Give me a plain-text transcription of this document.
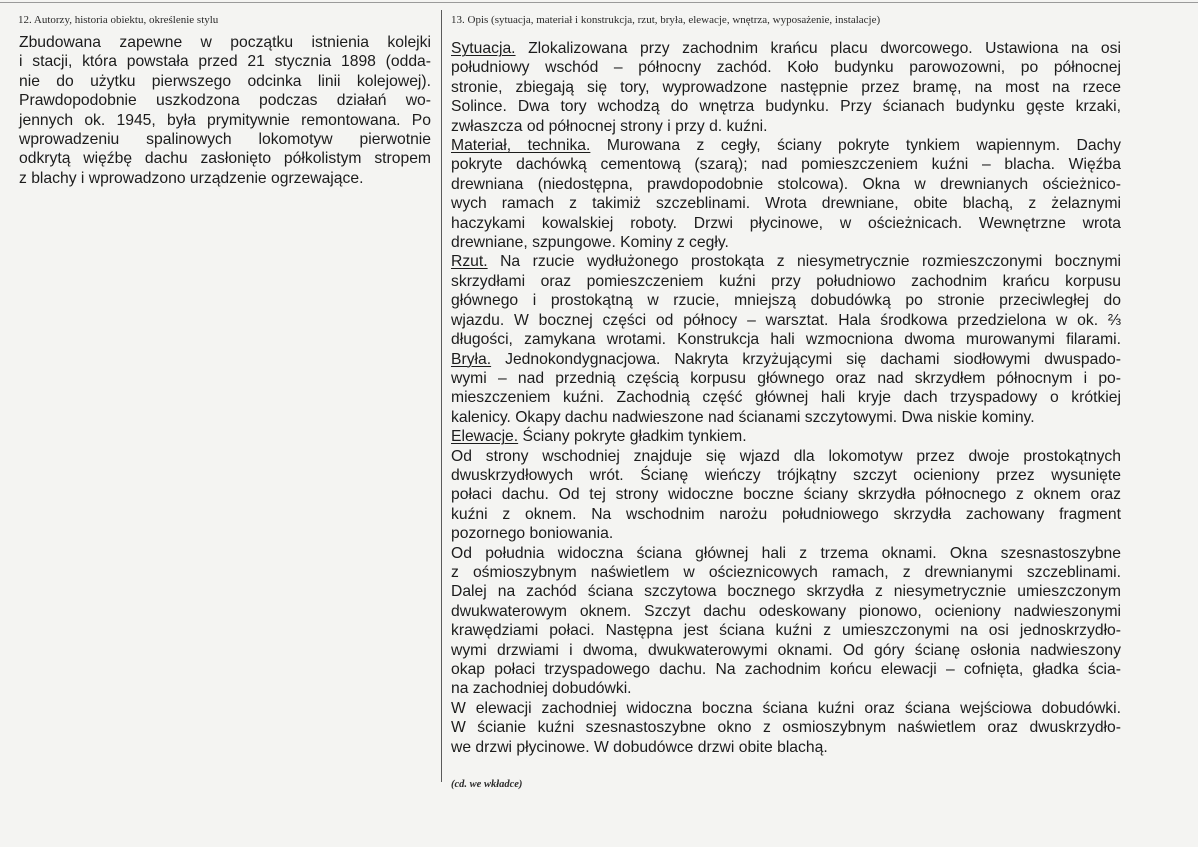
12. Autorzy, historia obiektu, określenie stylu
Zbudowana zapewne w początku istnienia kolejki
i stacji, która powstała przed 21 stycznia 1898 (odda-
nie do użytku pierwszego odcinka linii kolejowej).
Prawdopodobnie uszkodzona podczas działań wo-
jennych ok. 1945, była prymitywnie remontowana. Po
wprowadzeniu spalinowych lokomotyw pierwotnie
odkrytą więźbę dachu zasłonięto półkolistym stropem
z blachy i wprowadzono urządzenie ogrzewające.
13. Opis (sytuacja, materiał i konstrukcja, rzut, bryła, elewacje, wnętrza, wyposażenie, instalacje)
Sytuacja. Zlokalizowana przy zachodnim krańcu placu dworcowego. Ustawiona na osi
południowy wschód – północny zachód. Koło budynku parowozowni, po północnej
stronie, zbiegają się tory, wyprowadzone następnie przez bramę, na most na rzece
Solince. Dwa tory wchodzą do wnętrza budynku. Przy ścianach budynku gęste krzaki,
zwłaszcza od północnej strony i przy d. kuźni.
Materiał, technika. Murowana z cegły, ściany pokryte tynkiem wapiennym. Dachy
pokryte dachówką cementową (szarą); nad pomieszczeniem kuźni – blacha. Więźba
drewniana (niedostępna, prawdopodobnie stolcowa). Okna w drewnianych ościeżnico-
wych ramach z takimiż szczeblinami. Wrota drewniane, obite blachą, z żelaznymi
haczykami kowalskiej roboty. Drzwi płycinowe, w ościeżnicach. Wewnętrzne wrota
drewniane, szpungowe. Kominy z cegły.
Rzut. Na rzucie wydłużonego prostokąta z niesymetrycznie rozmieszczonymi bocznymi
skrzydłami oraz pomieszczeniem kuźni przy południowo zachodnim krańcu korpusu
głównego i prostokątną w rzucie, mniejszą dobudówką po stronie przeciwległej do
wjazdu. W bocznej części od północy – warsztat. Hala środkowa przedzielona w ok. ⅔
długości, zamykana wrotami. Konstrukcja hali wzmocniona dwoma murowanymi filarami.
Bryła. Jednokondygnacjowa. Nakryta krzyżującymi się dachami siodłowymi dwuspado-
wymi – nad przednią częścią korpusu głównego oraz nad skrzydłem północnym i po-
mieszczeniem kuźni. Zachodnią część głównej hali kryje dach trzyspadowy o krótkiej
kalenicy. Okapy dachu nadwieszone nad ścianami szczytowymi. Dwa niskie kominy.
Elewacje. Ściany pokryte gładkim tynkiem.
Od strony wschodniej znajduje się wjazd dla lokomotyw przez dwoje prostokątnych
dwuskrzydłowych wrót. Ścianę wieńczy trójkątny szczyt ocieniony przez wysunięte
połaci dachu. Od tej strony widoczne boczne ściany skrzydła północnego z oknem oraz
kuźni z oknem. Na wschodnim narożu południowego skrzydła zachowany fragment
pozornego boniowania.
Od południa widoczna ściana głównej hali z trzema oknami. Okna szesnastoszybne
z ośmioszybnym naświetlem w ościeznicowych ramach, z drewnianymi szczeblinami.
Dalej na zachód ściana szczytowa bocznego skrzydła z niesymetrycznie umieszczonym
dwukwaterowym oknem. Szczyt dachu odeskowany pionowo, ocieniony nadwieszonymi
krawędziami połaci. Następna jest ściana kuźni z umieszczonymi na osi jednoskrzydło-
wymi drzwiami i dwoma, dwukwaterowymi oknami. Od góry ścianę osłonia nadwieszony
okap połaci trzyspadowego dachu. Na zachodnim końcu elewacji – cofnięta, gładka ścia-
na zachodniej dobudówki.
W elewacji zachodniej widoczna boczna ściana kuźni oraz ściana wejściowa dobudówki.
W ścianie kuźni szesnastoszybne okno z osmioszybnym naświetlem oraz dwuskrzydło-
we drzwi płycinowe. W dobudówce drzwi obite blachą.
(cd. we wkładce)
